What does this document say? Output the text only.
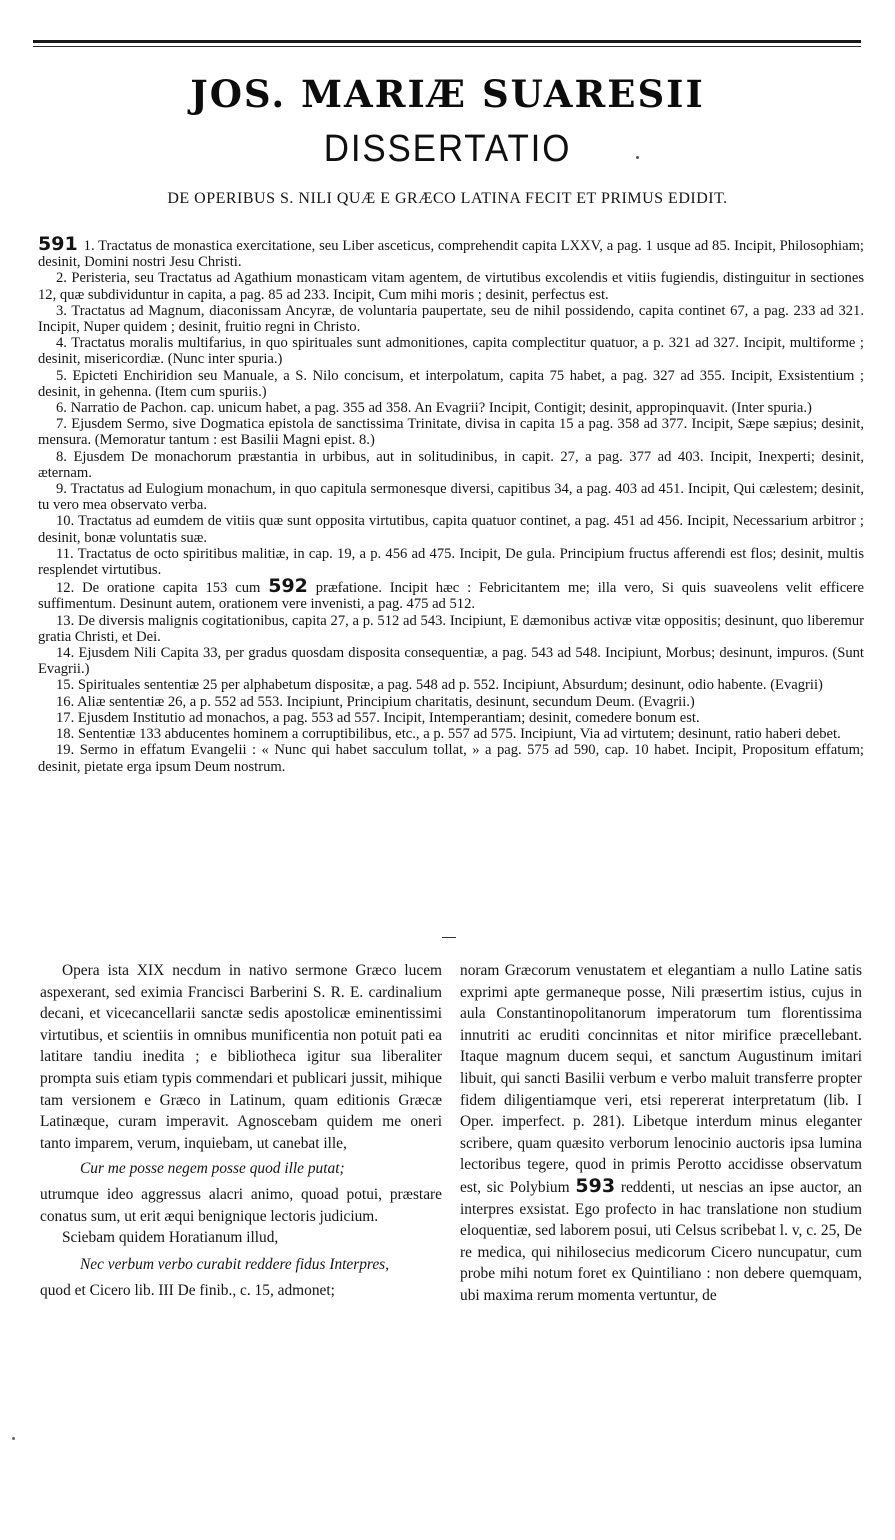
JOS. MARIÆ SUARESII
DISSERTATIO
DE OPERIBUS S. NILI QUÆ E GRÆCO LATINA FECIT ET PRIMUS EDIDIT.

591 1. Tractatus de monastica exercitatione, seu Liber asceticus, comprehendit capita LXXV, a pag. 1 usque ad 85. Incipit, Philosophiam; desinit, Domini nostri Jesu Christi.

2. Peristeria, seu Tractatus ad Agathium monasticam vitam agentem, de virtutibus excolendis et vitiis fugiendis, distinguitur in sectiones 12, quæ subdividuntur in capita, a pag. 85 ad 233. Incipit, Cum mihi moris ; desinit, perfectus est.

3. Tractatus ad Magnum, diaconissam Ancyræ, de voluntaria paupertate, seu de nihil possidendo, capita continet 67, a pag. 233 ad 321. Incipit, Nuper quidem ; desinit, fruitio regni in Christo.

4. Tractatus moralis multifarius, in quo spirituales sunt admonitiones, capita complectitur quatuor, a p. 321 ad 327. Incipit, multiforme ; desinit, misericordiæ. (Nunc inter spuria.)

5. Epicteti Enchiridion seu Manuale, a S. Nilo concisum, et interpolatum, capita 75 habet, a pag. 327 ad 355. Incipit, Exsistentium ; desinit, in gehenna. (Item cum spuriis.)

6. Narratio de Pachon. cap. unicum habet, a pag. 355 ad 358. An Evagrii? Incipit, Contigit; desinit, appropinquavit. (Inter spuria.)

7. Ejusdem Sermo, sive Dogmatica epistola de sanctissima Trinitate, divisa in capita 15 a pag. 358 ad 377. Incipit, Sæpe sæpius; desinit, mensura. (Memoratur tantum : est Basilii Magni epist. 8.)

8. Ejusdem De monachorum præstantia in urbibus, aut in solitudinibus, in capit. 27, a pag. 377 ad 403. Incipit, Inexperti; desinit, æternam.

9. Tractatus ad Eulogium monachum, in quo capitula sermonesque diversi, capitibus 34, a pag. 403 ad 451. Incipit, Qui cælestem; desinit, tu vero mea observato verba.

10. Tractatus ad eumdem de vitiis quæ sunt opposita virtutibus, capita quatuor continet, a pag. 451 ad 456. Incipit, Necessarium arbitror ; desinit, bonæ voluntatis suæ.

11. Tractatus de octo spiritibus malitiæ, in cap. 19, a p. 456 ad 475. Incipit, De gula. Principium fructus afferendi est flos; desinit, multis resplendet virtutibus.

12. De oratione capita 153 cum 592 præfatione. Incipit hæc : Febricitantem me; illa vero, Si quis suaveolens velit efficere suffimentum. Desinunt autem, orationem vere invenisti, a pag. 475 ad 512.

13. De diversis malignis cogitationibus, capita 27, a p. 512 ad 543. Incipiunt, E dæmonibus activæ vitæ oppositis; desinunt, quo liberemur gratia Christi, et Dei.

14. Ejusdem Nili Capita 33, per gradus quosdam disposita consequentiæ, a pag. 543 ad 548. Incipiunt, Morbus; desinunt, impuros. (Sunt Evagrii.)

15. Spirituales sententiæ 25 per alphabetum dispositæ, a pag. 548 ad p. 552. Incipiunt, Absurdum; desinunt, odio habente. (Evagrii)

16. Aliæ sententiæ 26, a p. 552 ad 553. Incipiunt, Principium charitatis, desinunt, secundum Deum. (Evagrii.)

17. Ejusdem Institutio ad monachos, a pag. 553 ad 557. Incipit, Intemperantiam; desinit, comedere bonum est.

18. Sententiæ 133 abducentes hominem a corruptibilibus, etc., a p. 557 ad 575. Incipiunt, Via ad virtutem; desinunt, ratio haberi debet.

19. Sermo in effatum Evangelii : « Nunc qui habet sacculum tollat, » a pag. 575 ad 590, cap. 10 habet. Incipit, Propositum effatum; desinit, pietate erga ipsum Deum nostrum.

Opera ista XIX necdum in nativo sermone Græco lucem aspexerant, sed eximia Francisci Barberini S. R. E. cardinalium decani, et vicecancellarii sanctæ sedis apostolicæ eminentissimi virtutibus, et scientiis in omnibus munificentia non potuit pati ea latitare tandiu inedita ; e bibliotheca igitur sua liberaliter prompta suis etiam typis commendari et publicari jussit, mihique tam versionem e Græco in Latinum, quam editionis Græcæ Latinæque, curam imperavit. Agnoscebam quidem me oneri tanto imparem, verum, inquiebam, ut canebat ille,

Cur me posse negem posse quod ille putat;

utrumque ideo aggressus alacri animo, quoad potui, præstare conatus sum, ut erit æqui benignique lectoris judicium.

Sciebam quidem Horatianum illud,

Nec verbum verbo curabit reddere fidus Interpres,

quod et Cicero lib. III De finib., c. 15, admonet;

noram Græcorum venustatem et elegantiam a nullo Latine satis exprimi apte germaneque posse, Nili præsertim istius, cujus in aula Constantinopolitanorum imperatorum tum florentissima innutriti ac eruditi concinnitas et nitor mirifice præcellebant. Itaque magnum ducem sequi, et sanctum Augustinum imitari libuit, qui sancti Basilii verbum e verbo maluit transferre propter fidem diligentiamque veri, etsi repererat interpretatum (lib. I Oper. imperfect. p. 281). Libetque interdum minus eleganter scribere, quam quæsito verborum lenocinio auctoris ipsa lumina lectoribus tegere, quod in primis Perotto accidisse observatum est, sic Polybium 593 reddenti, ut nescias an ipse auctor, an interpres exsistat. Ego profecto in hac translatione non studium eloquentiæ, sed laborem posui, uti Celsus scribebat l. v, c. 25, De re medica, qui nihilosecius medicorum Cicero nuncupatur, cum probe mihi notum foret ex Quintiliano : non debere quemquam, ubi maxima rerum momenta vertuntur, de
